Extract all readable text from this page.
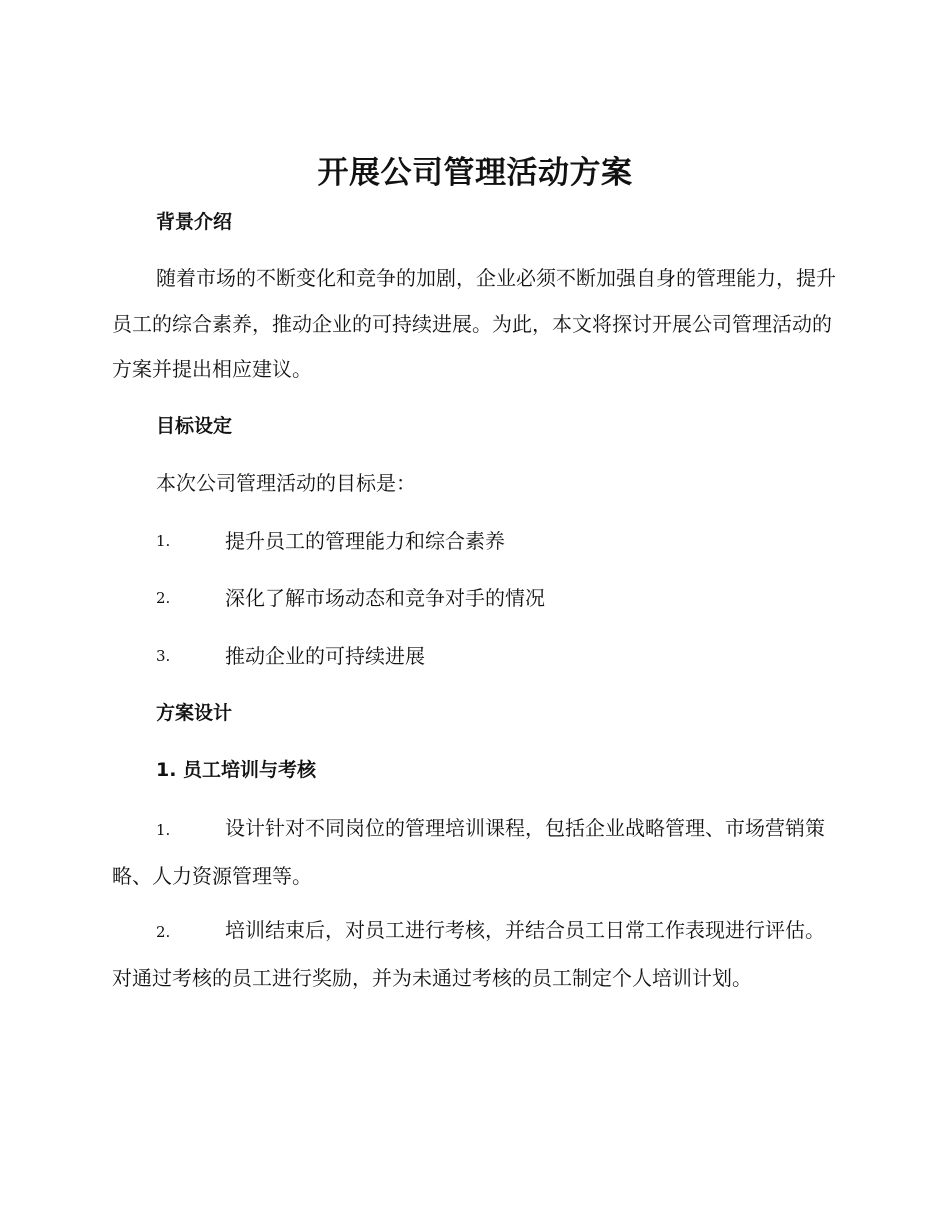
开展公司管理活动方案
背景介绍
随着市场的不断变化和竞争的加剧，企业必须不断加强自身的管理能力，提升员工的综合素养，推动企业的可持续进展。为此，本文将探讨开展公司管理活动的方案并提出相应建议。
目标设定
本次公司管理活动的目标是：
1.	提升员工的管理能力和综合素养
2.	深化了解市场动态和竞争对手的情况
3.	推动企业的可持续进展
方案设计
1. 员工培训与考核
1.	设计针对不同岗位的管理培训课程，包括企业战略管理、市场营销策略、人力资源管理等。
2.	培训结束后，对员工进行考核，并结合员工日常工作表现进行评估。对通过考核的员工进行奖励，并为未通过考核的员工制定个人培训计划。
